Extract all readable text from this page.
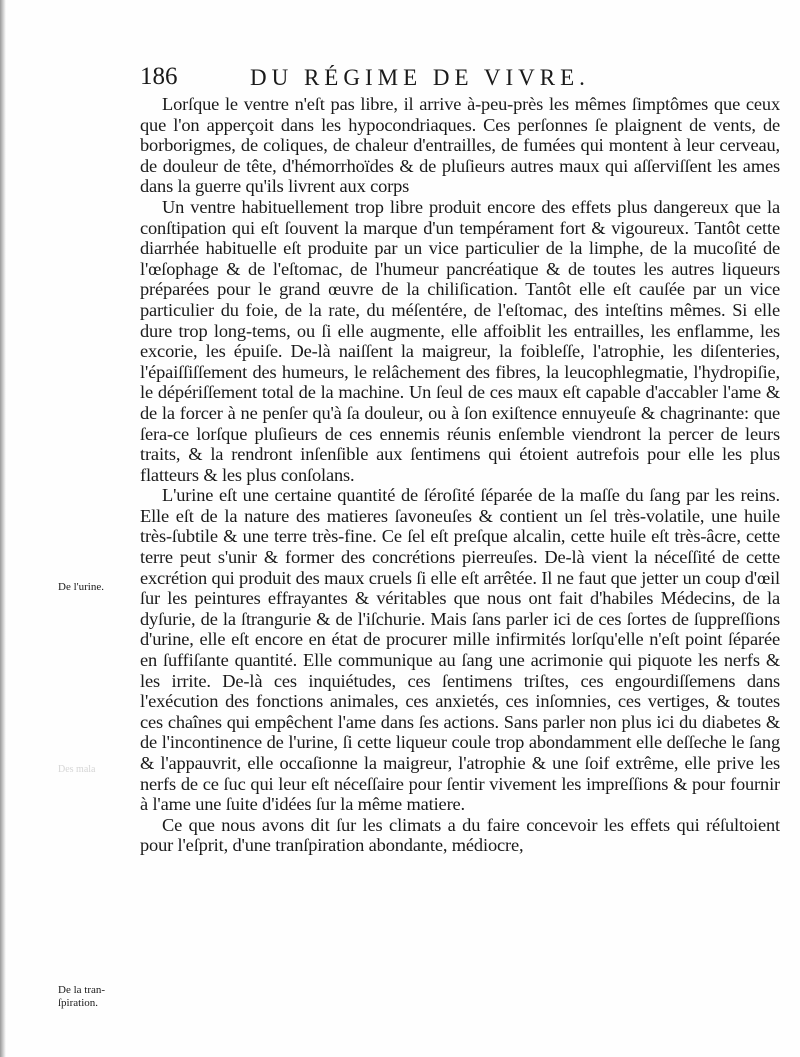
186	DU RÉGIME DE VIVRE.
De l'urine.
Des mala
De la tran-
ſpiration.

Lorſque le ventre n'eſt pas libre, il arrive à-peu-près les mêmes ſimptômes que ceux que l'on apperçoit dans les hypocondriaques. Ces perſonnes ſe plaignent de vents, de borborigmes, de coliques, de chaleur d'entrailles, de fumées qui montent à leur cerveau, de douleur de tête, d'hémorrhoïdes & de pluſieurs autres maux qui aſſerviſſent les ames dans la guerre qu'ils livrent aux corps

Un ventre habituellement trop libre produit encore des effets plus dangereux que la conſtipation qui eſt ſouvent la marque d'un tempérament fort & vigoureux. Tantôt cette diarrhée habituelle eſt produite par un vice particulier de la limphe, de la mucoſité de l'œſophage & de l'eſtomac, de l'humeur pancréatique & de toutes les autres liqueurs préparées pour le grand œuvre de la chiliſication. Tantôt elle eſt cauſée par un vice particulier du foie, de la rate, du méſentére, de l'eſtomac, des inteſtins mêmes. Si elle dure trop long-tems, ou ſi elle augmente, elle affoiblit les entrailles, les enflamme, les excorie, les épuiſe. De-là naiſſent la maigreur, la foibleſſe, l'atrophie, les diſenteries, l'épaiſſiſſement des humeurs, le relâchement des fibres, la leucophlegmatie, l'hydropiſie, le dépériſſement total de la machine. Un ſeul de ces maux eſt capable d'accabler l'ame & de la forcer à ne penſer qu'à ſa douleur, ou à ſon exiſtence ennuyeuſe & chagrinante: que ſera-ce lorſque pluſieurs de ces ennemis réunis enſemble viendront la percer de leurs traits, & la rendront inſenſible aux ſentimens qui étoient autrefois pour elle les plus flatteurs & les plus conſolans.

L'urine eſt une certaine quantité de ſéroſité ſéparée de la maſſe du ſang par les reins. Elle eſt de la nature des matieres ſavoneuſes & contient un ſel très-volatile, une huile très-ſubtile & une terre très-fine. Ce ſel eſt preſque alcalin, cette huile eſt très-âcre, cette terre peut s'unir & former des concrétions pierreuſes. De-là vient la néceſſité de cette excrétion qui produit des maux cruels ſi elle eſt arrêtée. Il ne faut que jetter un coup d'œil ſur les peintures effrayantes & véritables que nous ont fait d'habiles Médecins, de la dyſurie, de la ſtrangurie & de l'iſchurie. Mais ſans parler ici de ces ſortes de ſuppreſſions d'urine, elle eſt encore en état de procurer mille infirmités lorſqu'elle n'eſt point ſéparée en ſuffiſante quantité. Elle communique au ſang une acrimonie qui piquote les nerfs & les irrite. De-là ces inquiétudes, ces ſentimens triſtes, ces engourdiſſemens dans l'exécution des fonctions animales, ces anxietés, ces inſomnies, ces vertiges, & toutes ces chaînes qui empêchent l'ame dans ſes actions. Sans parler non plus ici du diabetes & de l'incontinence de l'urine, ſi cette liqueur coule trop abondamment elle deſſeche le ſang & l'appauvrit, elle occaſionne la maigreur, l'atrophie & une ſoif extrême, elle prive les nerfs de ce ſuc qui leur eſt néceſſaire pour ſentir vivement les impreſſions & pour fournir à l'ame une ſuite d'idées ſur la même matiere.

Ce que nous avons dit ſur les climats a du faire concevoir les effets qui réſultoient pour l'eſprit, d'une tranſpiration abondante, médiocre,
